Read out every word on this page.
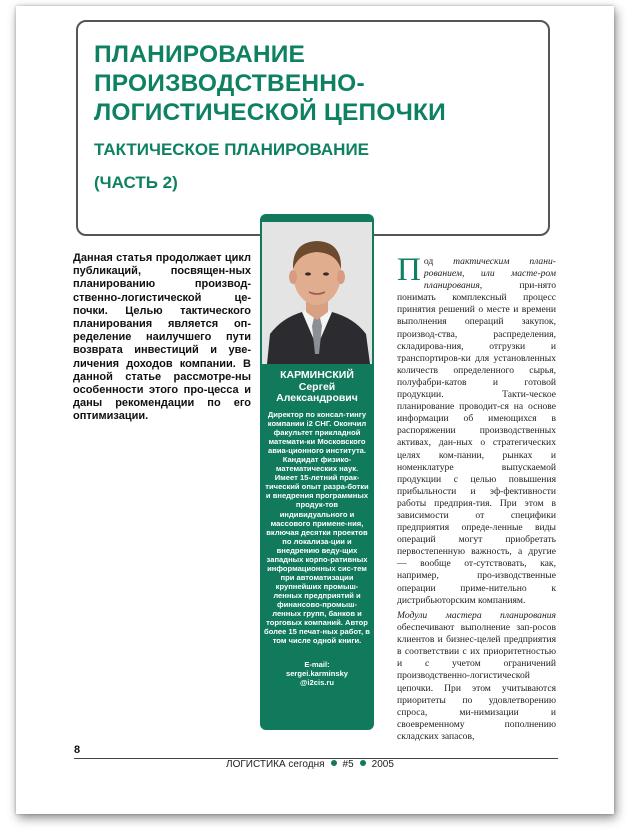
ПЛАНИРОВАНИЕ
ПРОИЗВОДСТВЕННО-
ЛОГИСТИЧЕСКОЙ ЦЕПОЧКИ
ТАКТИЧЕСКОЕ ПЛАНИРОВАНИЕ
(ЧАСТЬ 2)

Данная статья продолжает цикл публикаций, посвящен-ных планированию производ-ственно-логистической це-почки. Целью тактического планирования является оп-ределение наилучшего пути возврата инвестиций и уве-личения доходов компании. В данной статье рассмотре-ны особенности этого про-цесса и даны рекомендации по его оптимизации.

КАРМИНСКИЙ
Сергей
Александрович

Директор по консал-тингу компании i2 СНГ. Окончил факультет прикладной математи-ки Московского авиа-ционного института. Кандидат физико-математических наук. Имеет 15-летний прак-тический опыт разра-ботки и внедрения программных продук-тов индивидуального и массового примене-ния, включая десятки проектов по локализа-ции и внедрению веду-щих западных корпо-ративных информационных сис-тем при автоматизации крупнейших промыш-ленных предприятий и финансово-промыш-ленных групп, банков и торговых компаний. Автор более 15 печат-ных работ, в том числе одной книги.

E-mail:
sergei.karminsky
@i2cis.ru

Под тактическим плани-рованием, или масте-ром планирования, при-нято понимать комплексный процесс принятия решений о месте и времени выполнения операций закупок, производ-ства, распределения, складирова-ния, отгрузки и транспортиров-ки для установленных количеств определенного сырья, полуфабри-катов и готовой продукции. Такти-ческое планирование проводит-ся на основе информации об имеющихся в распоряжении производственных активах, дан-ных о стратегических целях ком-пании, рынках и номенклатуре выпускаемой продукции с целью повышения прибыльности и эф-фективности работы предприя-тия. При этом в зависимости от специфики предприятия опреде-ленные виды операций могут приобретать первостепенную важность, а другие — вообще от-сутствовать, как, например, про-изводственные операции приме-нительно к дистрибьюторским компаниям.

Модули мастера планирования обеспечивают выполнение зап-росов клиентов и бизнес-целей предприятия в соответствии с их приоритетностью и с учетом ограничений производственно-логистической цепочки. При этом учитываются приоритеты по удовлетворению спроса, ми-нимизации и своевременному пополнению складских запасов,

8
ЛОГИСТИКА сегодня #5 2005
